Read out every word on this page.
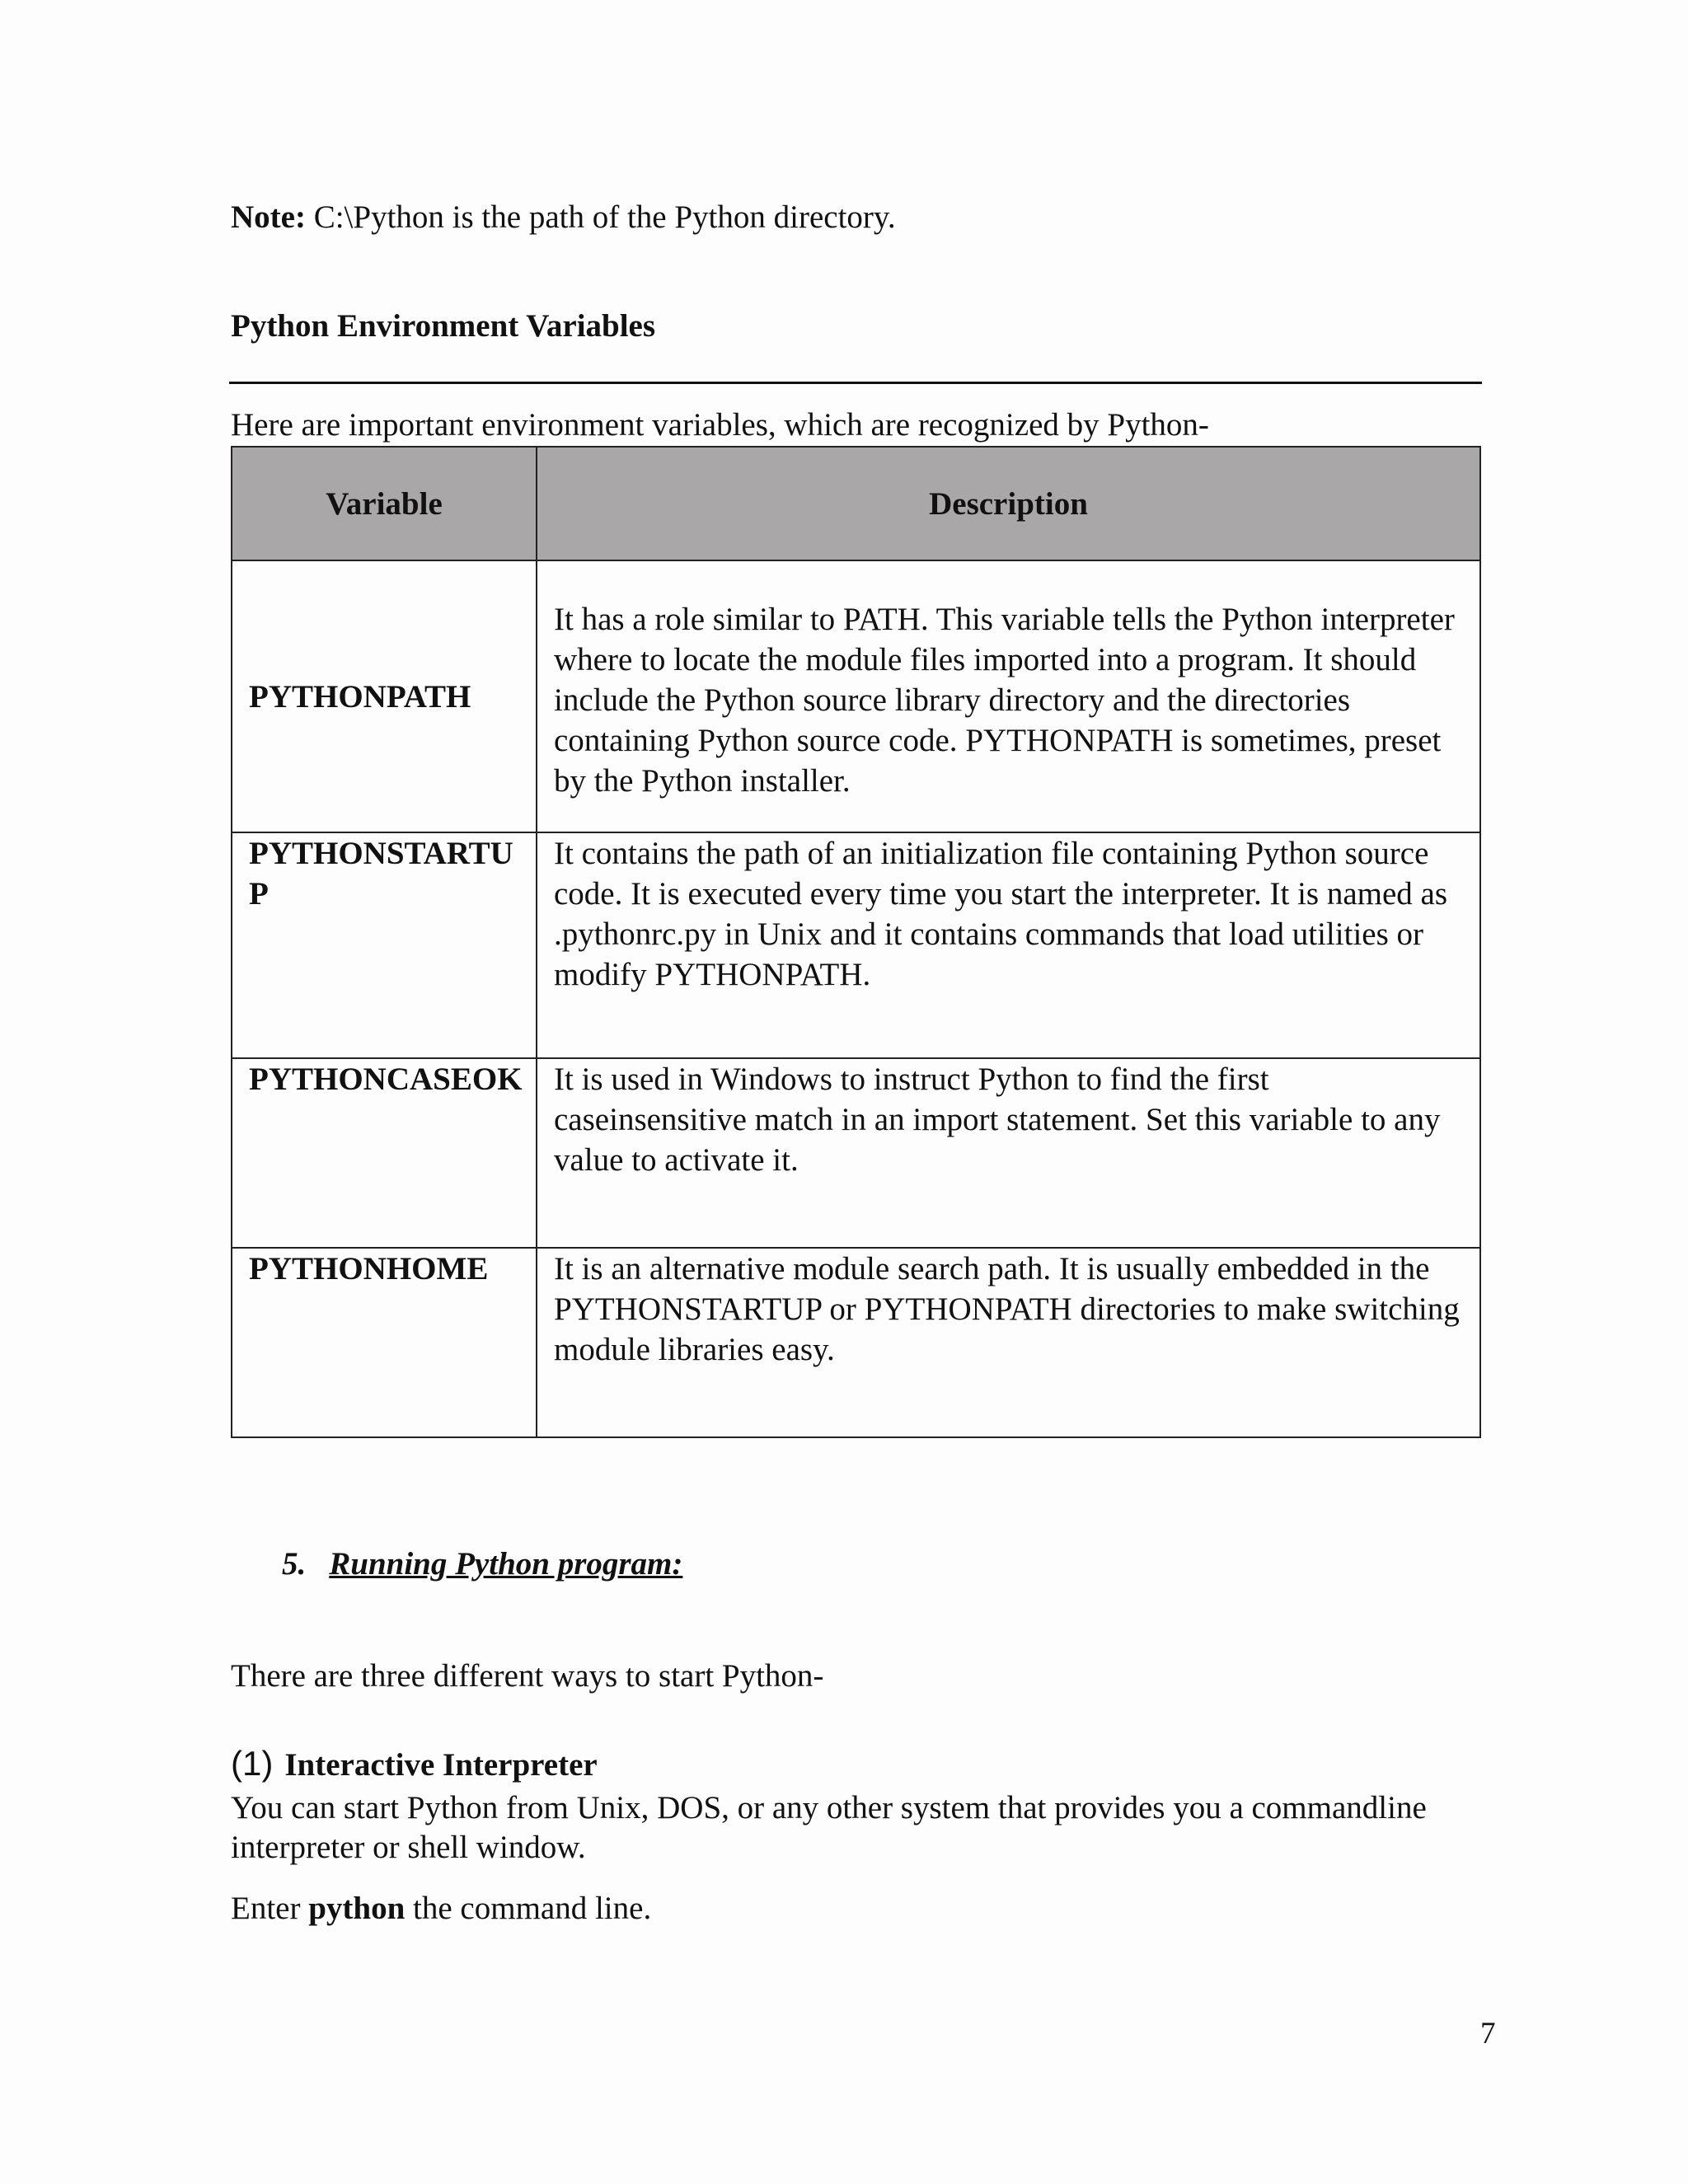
Note: C:\Python is the path of the Python directory.
Python Environment Variables
Here are important environment variables, which are recognized by Python-
Variable	Description
PYTHONPATH	It has a role similar to PATH. This variable tells the Python interpreter where to locate the module files imported into a program. It should include the Python source library directory and the directories containing Python source code. PYTHONPATH is sometimes, preset by the Python installer.
PYTHONSTARTUP	It contains the path of an initialization file containing Python source code. It is executed every time you start the interpreter. It is named as .pythonrc.py in Unix and it contains commands that load utilities or modify PYTHONPATH.
PYTHONCASEOK	It is used in Windows to instruct Python to find the first caseinsensitive match in an import statement. Set this variable to any value to activate it.
PYTHONHOME	It is an alternative module search path. It is usually embedded in the PYTHONSTARTUP or PYTHONPATH directories to make switching module libraries easy.
5. Running Python program:
There are three different ways to start Python-
(1) Interactive Interpreter
You can start Python from Unix, DOS, or any other system that provides you a commandline interpreter or shell window.
Enter python the command line.
7
